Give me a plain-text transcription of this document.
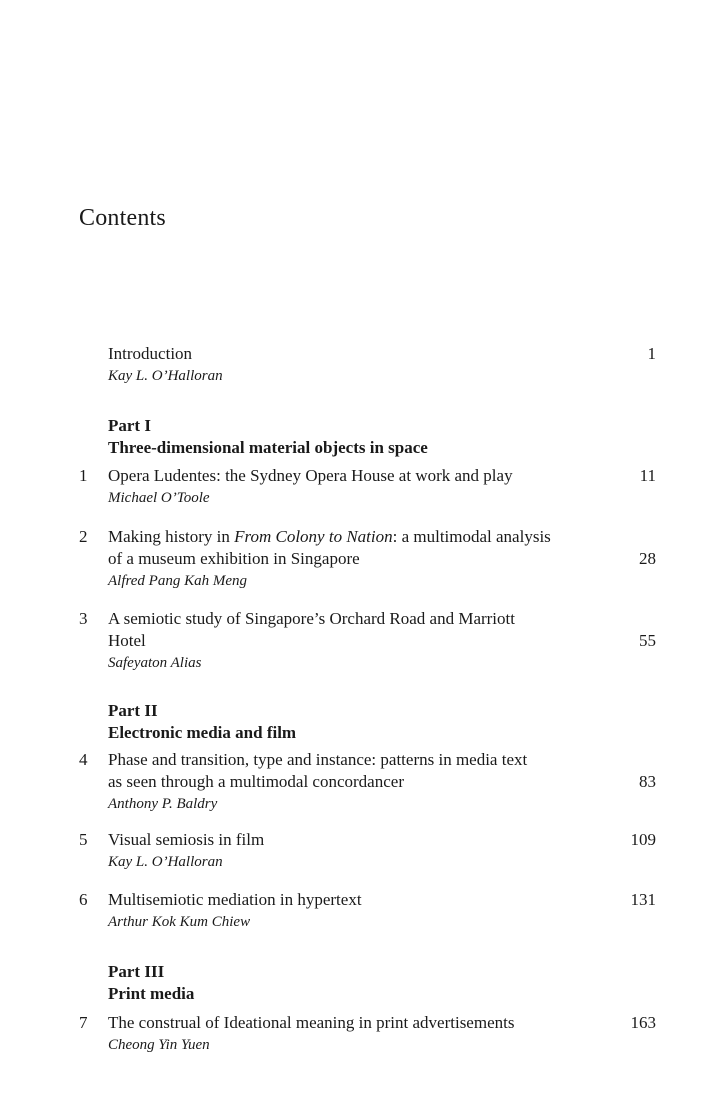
Contents
Introduction	1
Kay L. O’Halloran
Part I
Three-dimensional material objects in space
1 Opera Ludentes: the Sydney Opera House at work and play	11
Michael O’Toole
2 Making history in From Colony to Nation: a multimodal analysis
of a museum exhibition in Singapore	28
Alfred Pang Kah Meng
3 A semiotic study of Singapore’s Orchard Road and Marriott
Hotel	55
Safeyaton Alias
Part II
Electronic media and film
4 Phase and transition, type and instance: patterns in media text
as seen through a multimodal concordancer	83
Anthony P. Baldry
5 Visual semiosis in film	109
Kay L. O’Halloran
6 Multisemiotic mediation in hypertext	131
Arthur Kok Kum Chiew
Part III
Print media
7 The construal of Ideational meaning in print advertisements	163
Cheong Yin Yuen
